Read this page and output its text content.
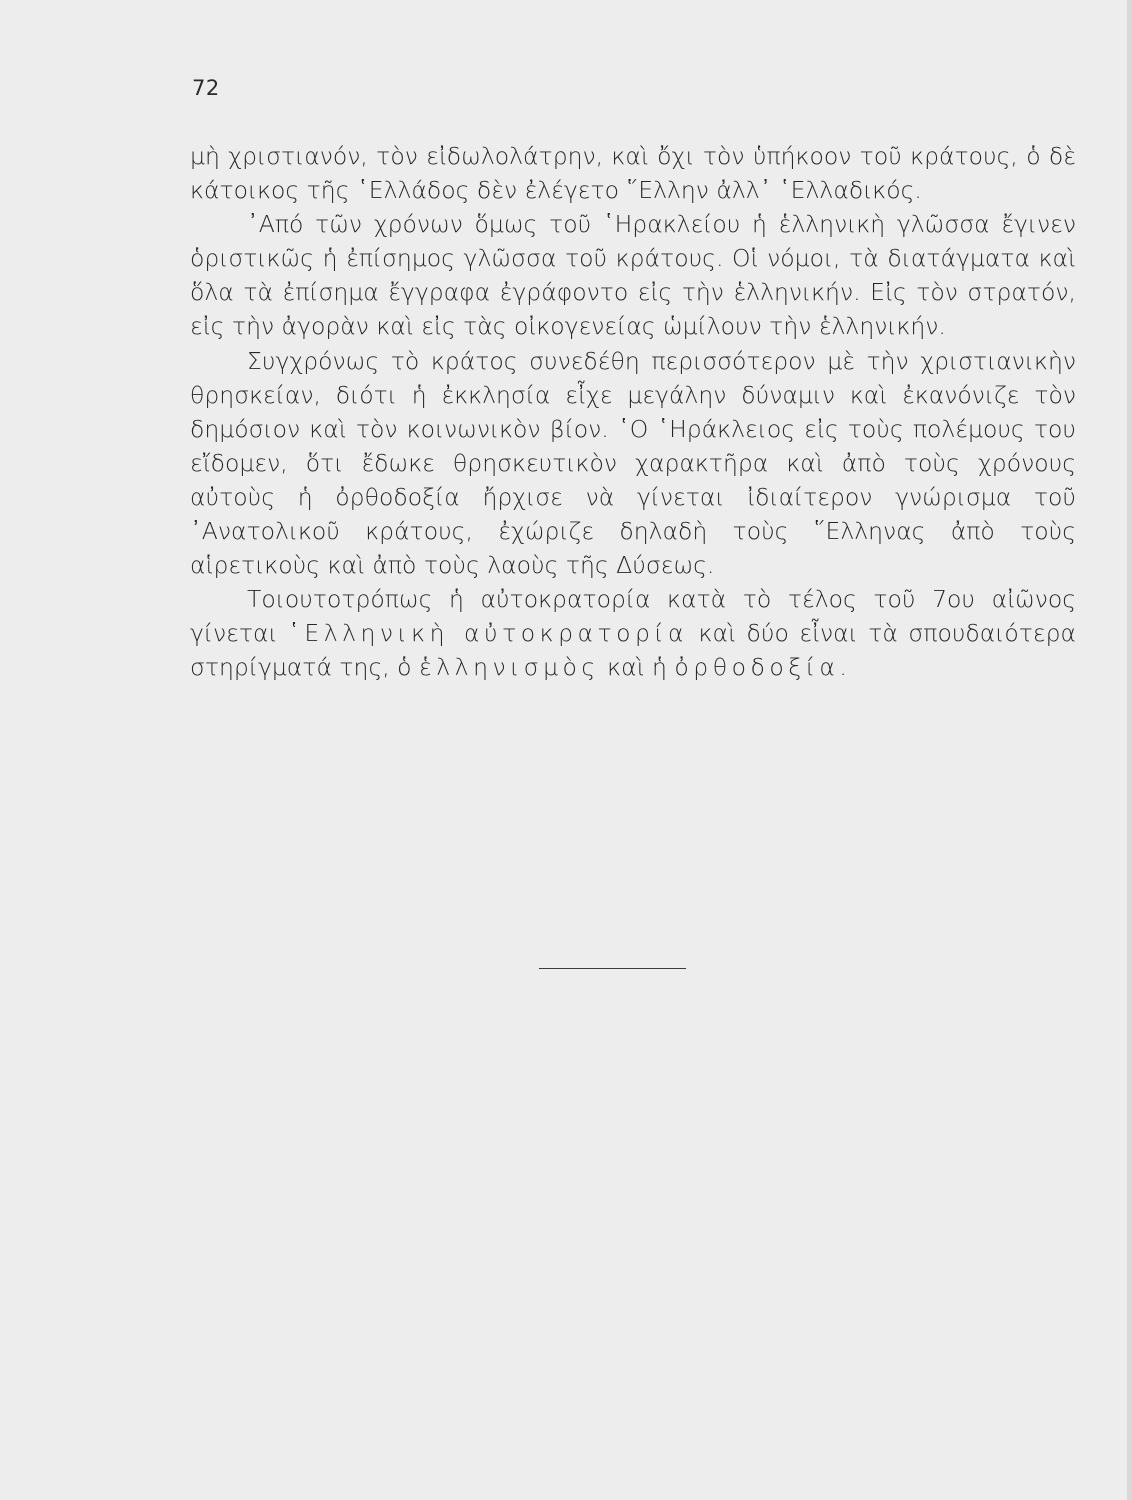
72

μὴ χριστιανόν, τὸν εἰδωλολάτρην, καὶ ὄχι τὸν ὑπήκοον τοῦ κράτους, ὁ δὲ κάτοικος τῆς ῾Ελλάδος δὲν ἐλέγετο ῞Ελλην ἀλλ᾽ ῾Ελλαδικός.

᾽Από τῶν χρόνων ὅμως τοῦ ῾Ηρακλείου ἡ ἑλληνικὴ γλῶσσα ἔγινεν ὁριστικῶς ἡ ἐπίσημος γλῶσσα τοῦ κράτους. Οἱ νόμοι, τὰ διατάγματα καὶ ὅλα τὰ ἐπίσημα ἔγγραφα ἐγράφοντο εἰς τὴν ἑλληνικήν. Εἰς τὸν στρατόν, εἰς τὴν ἀγορὰν καὶ εἰς τὰς οἰκογενείας ὡμίλουν τὴν ἑλληνικήν.

Συγχρόνως τὸ κράτος συνεδέθη περισσότερον μὲ τὴν χριστιανικὴν θρησκείαν, διότι ἡ ἐκκλησία εἶχε μεγάλην δύναμιν καὶ ἐκανόνιζε τὸν δημόσιον καὶ τὸν κοινωνικὸν βίον. ῾Ο ῾Ηράκλειος εἰς τοὺς πολέμους του εἴδομεν, ὅτι ἔδωκε θρησκευτικὸν χαρακτῆρα καὶ ἀπὸ τοὺς χρόνους αὐτοὺς ἡ ὀρθοδοξία ἤρχισε νὰ γίνεται ἰδιαίτερον γνώρισμα τοῦ ᾽Ανατολικοῦ κράτους, ἐχώριζε δηλαδὴ τοὺς ῞Ελληνας ἀπὸ τοὺς αἱρετικοὺς καὶ ἀπὸ τοὺς λαοὺς τῆς Δύσεως.

Τοιουτοτρόπως ἡ αὐτοκρατορία κατὰ τὸ τέλος τοῦ 7ου αἰῶνος γίνεται ῾Ελληνικὴ αὐτοκρατορία καὶ δύο εἶναι τὰ σπουδαιότερα στηρίγματά της, ὁ ἑλληνισμὸς καὶ ἡ ὀρθοδοξία.
